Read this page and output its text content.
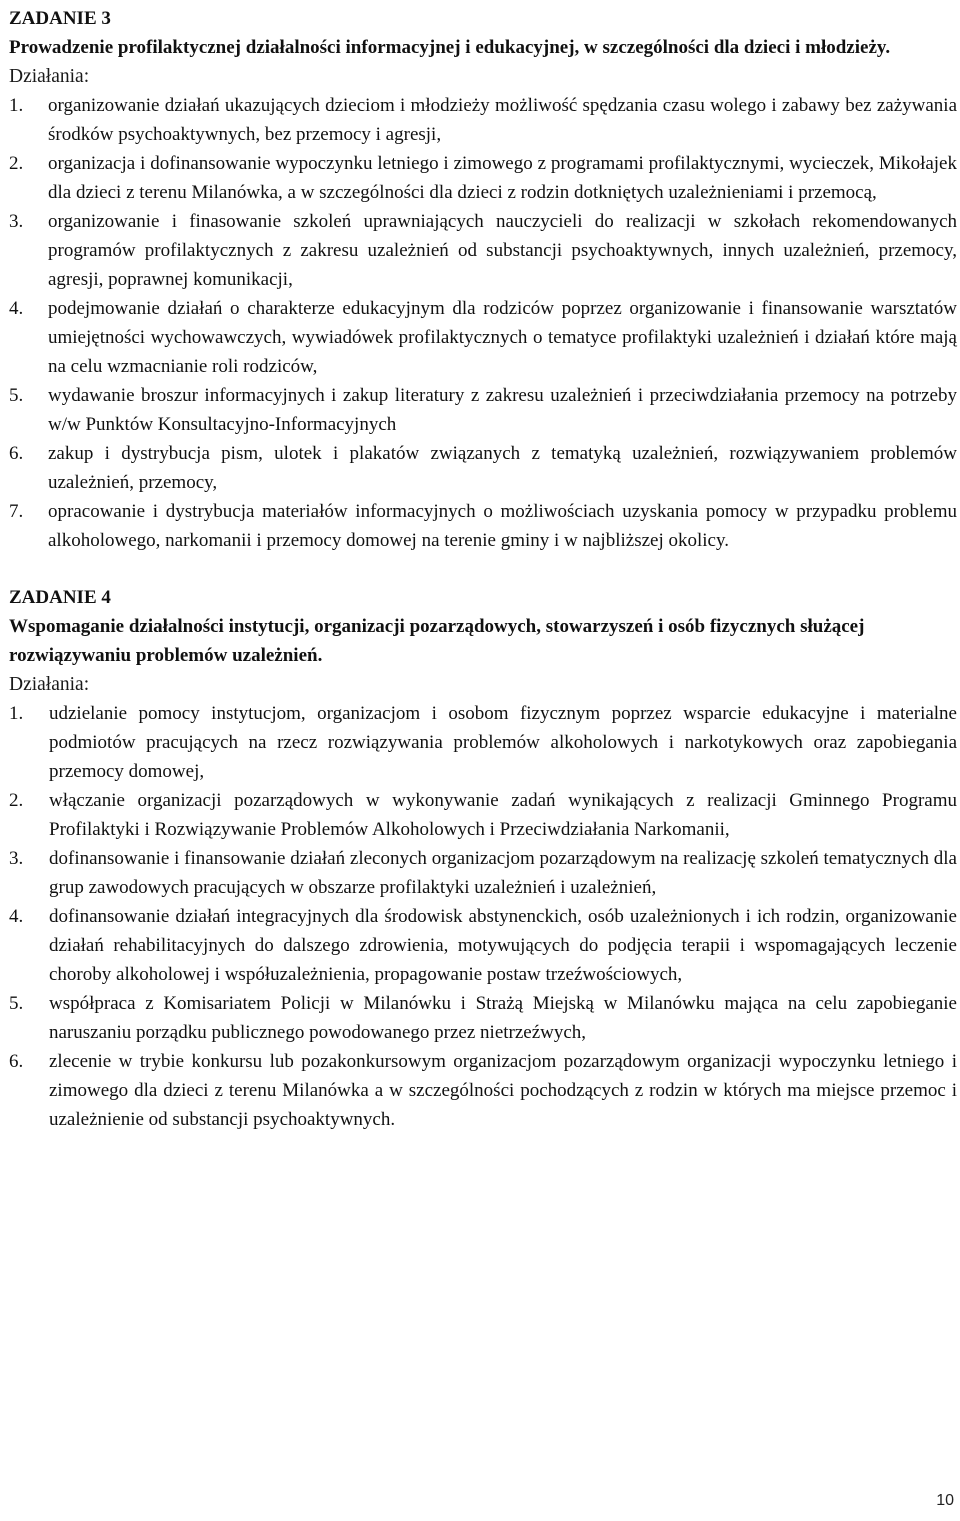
ZADANIE 3

Prowadzenie profilaktycznej działalności informacyjnej i edukacyjnej, w szczególności dla dzieci i młodzieży.

Działania:

1. organizowanie działań ukazujących dzieciom i młodzieży możliwość spędzania czasu wolego i zabawy bez zażywania środków psychoaktywnych, bez przemocy i agresji,
2. organizacja i dofinansowanie wypoczynku letniego i zimowego z programami profilaktycznymi, wycieczek, Mikołajek dla dzieci z terenu Milanówka, a w szczególności dla dzieci z rodzin dotkniętych uzależnieniami i przemocą,
3. organizowanie i finasowanie szkoleń uprawniających nauczycieli do realizacji w szkołach rekomendowanych programów profilaktycznych z zakresu uzależnień od substancji psychoaktywnych, innych uzależnień, przemocy, agresji, poprawnej komunikacji,
4. podejmowanie działań o charakterze edukacyjnym dla rodziców poprzez organizowanie i finansowanie warsztatów umiejętności wychowawczych, wywiadówek profilaktycznych o tematyce profilaktyki uzależnień i działań które mają na celu wzmacnianie roli rodziców,
5. wydawanie broszur informacyjnych i zakup literatury z zakresu uzależnień i przeciwdziałania przemocy na potrzeby w/w Punktów Konsultacyjno-Informacyjnych
6. zakup i dystrybucja pism, ulotek i plakatów związanych z tematyką uzależnień, rozwiązywaniem problemów uzależnień, przemocy,
7. opracowanie i dystrybucja materiałów informacyjnych o możliwościach uzyskania pomocy w przypadku problemu alkoholowego, narkomanii i przemocy domowej na terenie gminy i w najbliższej okolicy.

ZADANIE 4

Wspomaganie działalności instytucji, organizacji pozarządowych, stowarzyszeń i osób fizycznych służącej rozwiązywaniu problemów uzależnień.

Działania:

1. udzielanie pomocy instytucjom, organizacjom i osobom fizycznym poprzez wsparcie edukacyjne i materialne podmiotów pracujących na rzecz rozwiązywania problemów alkoholowych i narkotykowych oraz zapobiegania przemocy domowej,
2. włączanie organizacji pozarządowych w wykonywanie zadań wynikających z realizacji Gminnego Programu Profilaktyki i Rozwiązywanie Problemów Alkoholowych i Przeciwdziałania Narkomanii,
3. dofinansowanie i finansowanie działań zleconych organizacjom pozarządowym na realizację szkoleń tematycznych dla grup zawodowych pracujących w obszarze profilaktyki uzależnień i uzależnień,
4. dofinansowanie działań integracyjnych dla środowisk abstynenckich, osób uzależnionych i ich rodzin, organizowanie działań rehabilitacyjnych do dalszego zdrowienia, motywujących do podjęcia terapii i wspomagających leczenie choroby alkoholowej i współuzależnienia, propagowanie postaw trzeźwościowych,
5. współpraca z Komisariatem Policji w Milanówku i Strażą Miejską w Milanówku mająca na celu zapobieganie naruszaniu porządku publicznego powodowanego przez nietrzeźwych,
6. zlecenie w trybie konkursu lub pozakonkursowym organizacjom pozarządowym organizacji wypoczynku letniego i zimowego dla dzieci z terenu Milanówka a w szczególności pochodzących z rodzin w których ma miejsce przemoc i uzależnienie od substancji psychoaktywnych.
10
